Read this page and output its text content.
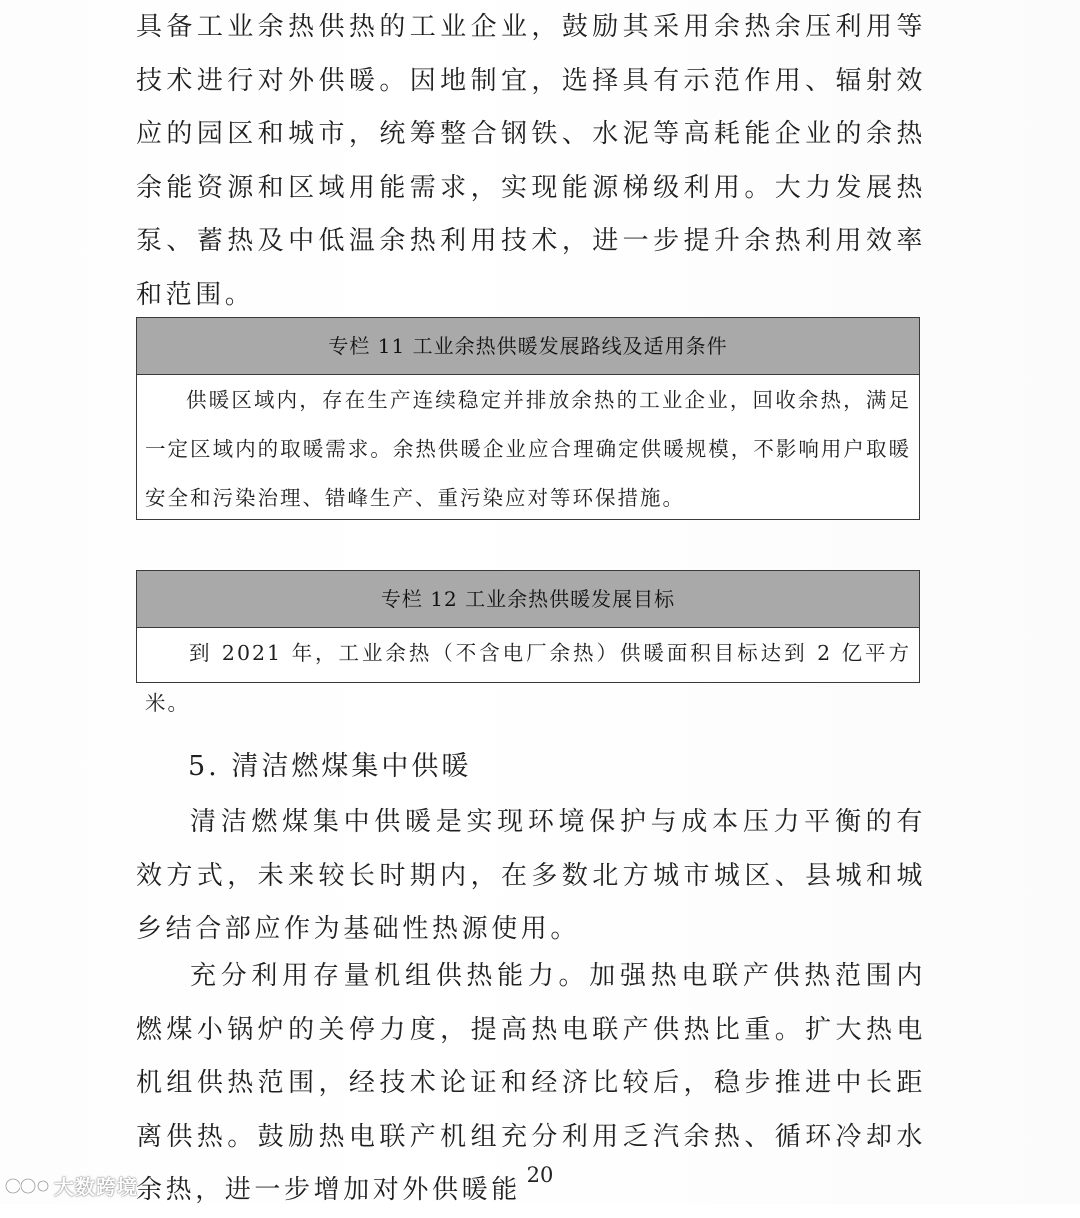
具备工业余热供热的工业企业，鼓励其采用余热余压利用等技术进行对外供暖。因地制宜，选择具有示范作用、辐射效应的园区和城市，统筹整合钢铁、水泥等高耗能企业的余热余能资源和区域用能需求，实现能源梯级利用。大力发展热泵、蓄热及中低温余热利用技术，进一步提升余热利用效率和范围。

专栏 11 工业余热供暖发展路线及适用条件
供暖区域内，存在生产连续稳定并排放余热的工业企业，回收余热，满足一定区域内的取暖需求。余热供暖企业应合理确定供暖规模，不影响用户取暖安全和污染治理、错峰生产、重污染应对等环保措施。
专栏 12 工业余热供暖发展目标
到 2021 年，工业余热（不含电厂余热）供暖面积目标达到 2 亿平方米。
5. 清洁燃煤集中供暖

清洁燃煤集中供暖是实现环境保护与成本压力平衡的有效方式，未来较长时期内，在多数北方城市城区、县城和城乡结合部应作为基础性热源使用。

充分利用存量机组供热能力。加强热电联产供热范围内燃煤小锅炉的关停力度，提高热电联产供热比重。扩大热电机组供热范围，经技术论证和经济比较后，稳步推进中长距离供热。鼓励热电联产机组充分利用乏汽余热、循环冷却水余热，进一步增加对外供暖能 20
大数跨境
